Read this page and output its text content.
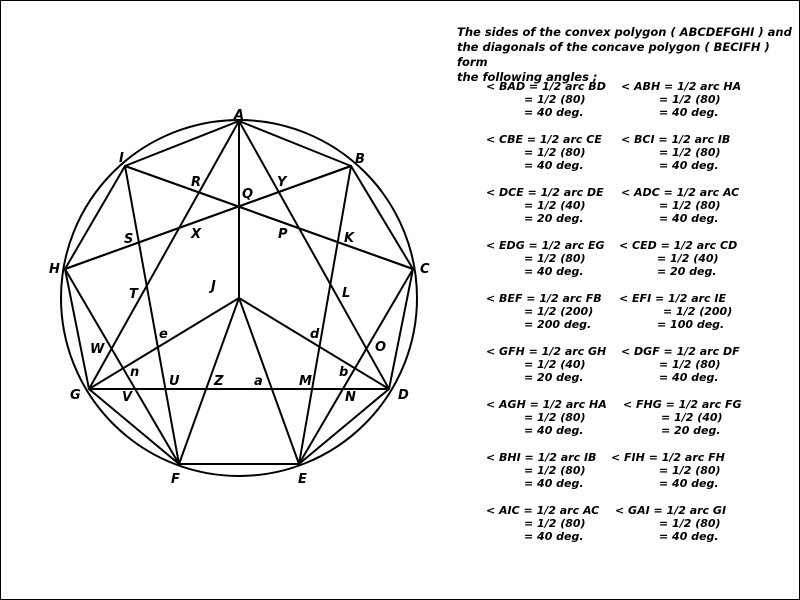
A
B
C
D
E
F
G
H
I
J
K
L
M
N
O
P
Q
R
S
T
U
V
W
X
Y
Z a
b
d
e
n
The sides of the convex polygon ( ABCDEFGHI ) and
the diagonals of the concave polygon ( BECIFH ) form
the following angles ;
< BAD = 1/2 arc BD
= 1/2 (80)
= 40 deg.
< ABH = 1/2 arc HA
= 1/2 (80)
= 40 deg.
< CBE = 1/2 arc CE
= 1/2 (80)
= 40 deg.
< BCI = 1/2 arc IB
= 1/2 (80)
= 40 deg.
< DCE = 1/2 arc DE
= 1/2 (40)
= 20 deg.
< ADC = 1/2 arc AC
= 1/2 (80)
= 40 deg.
< EDG = 1/2 arc EG
= 1/2 (80)
= 40 deg.
< CED = 1/2 arc CD
= 1/2 (40)
= 20 deg.
< BEF = 1/2 arc FB
= 1/2 (200)
= 200 deg.
< EFI = 1/2 arc IE
= 1/2 (200)
= 100 deg.
< GFH = 1/2 arc GH
= 1/2 (40)
= 20 deg.
< DGF = 1/2 arc DF
= 1/2 (80)
= 40 deg.
< AGH = 1/2 arc HA
= 1/2 (80)
= 40 deg.
< FHG = 1/2 arc FG
= 1/2 (40)
= 20 deg.
< BHI = 1/2 arc IB
= 1/2 (80)
= 40 deg.
< FIH = 1/2 arc FH
= 1/2 (80)
= 40 deg.
< AIC = 1/2 arc AC
= 1/2 (80)
= 40 deg.
< GAI = 1/2 arc GI
= 1/2 (80)
= 40 deg.
